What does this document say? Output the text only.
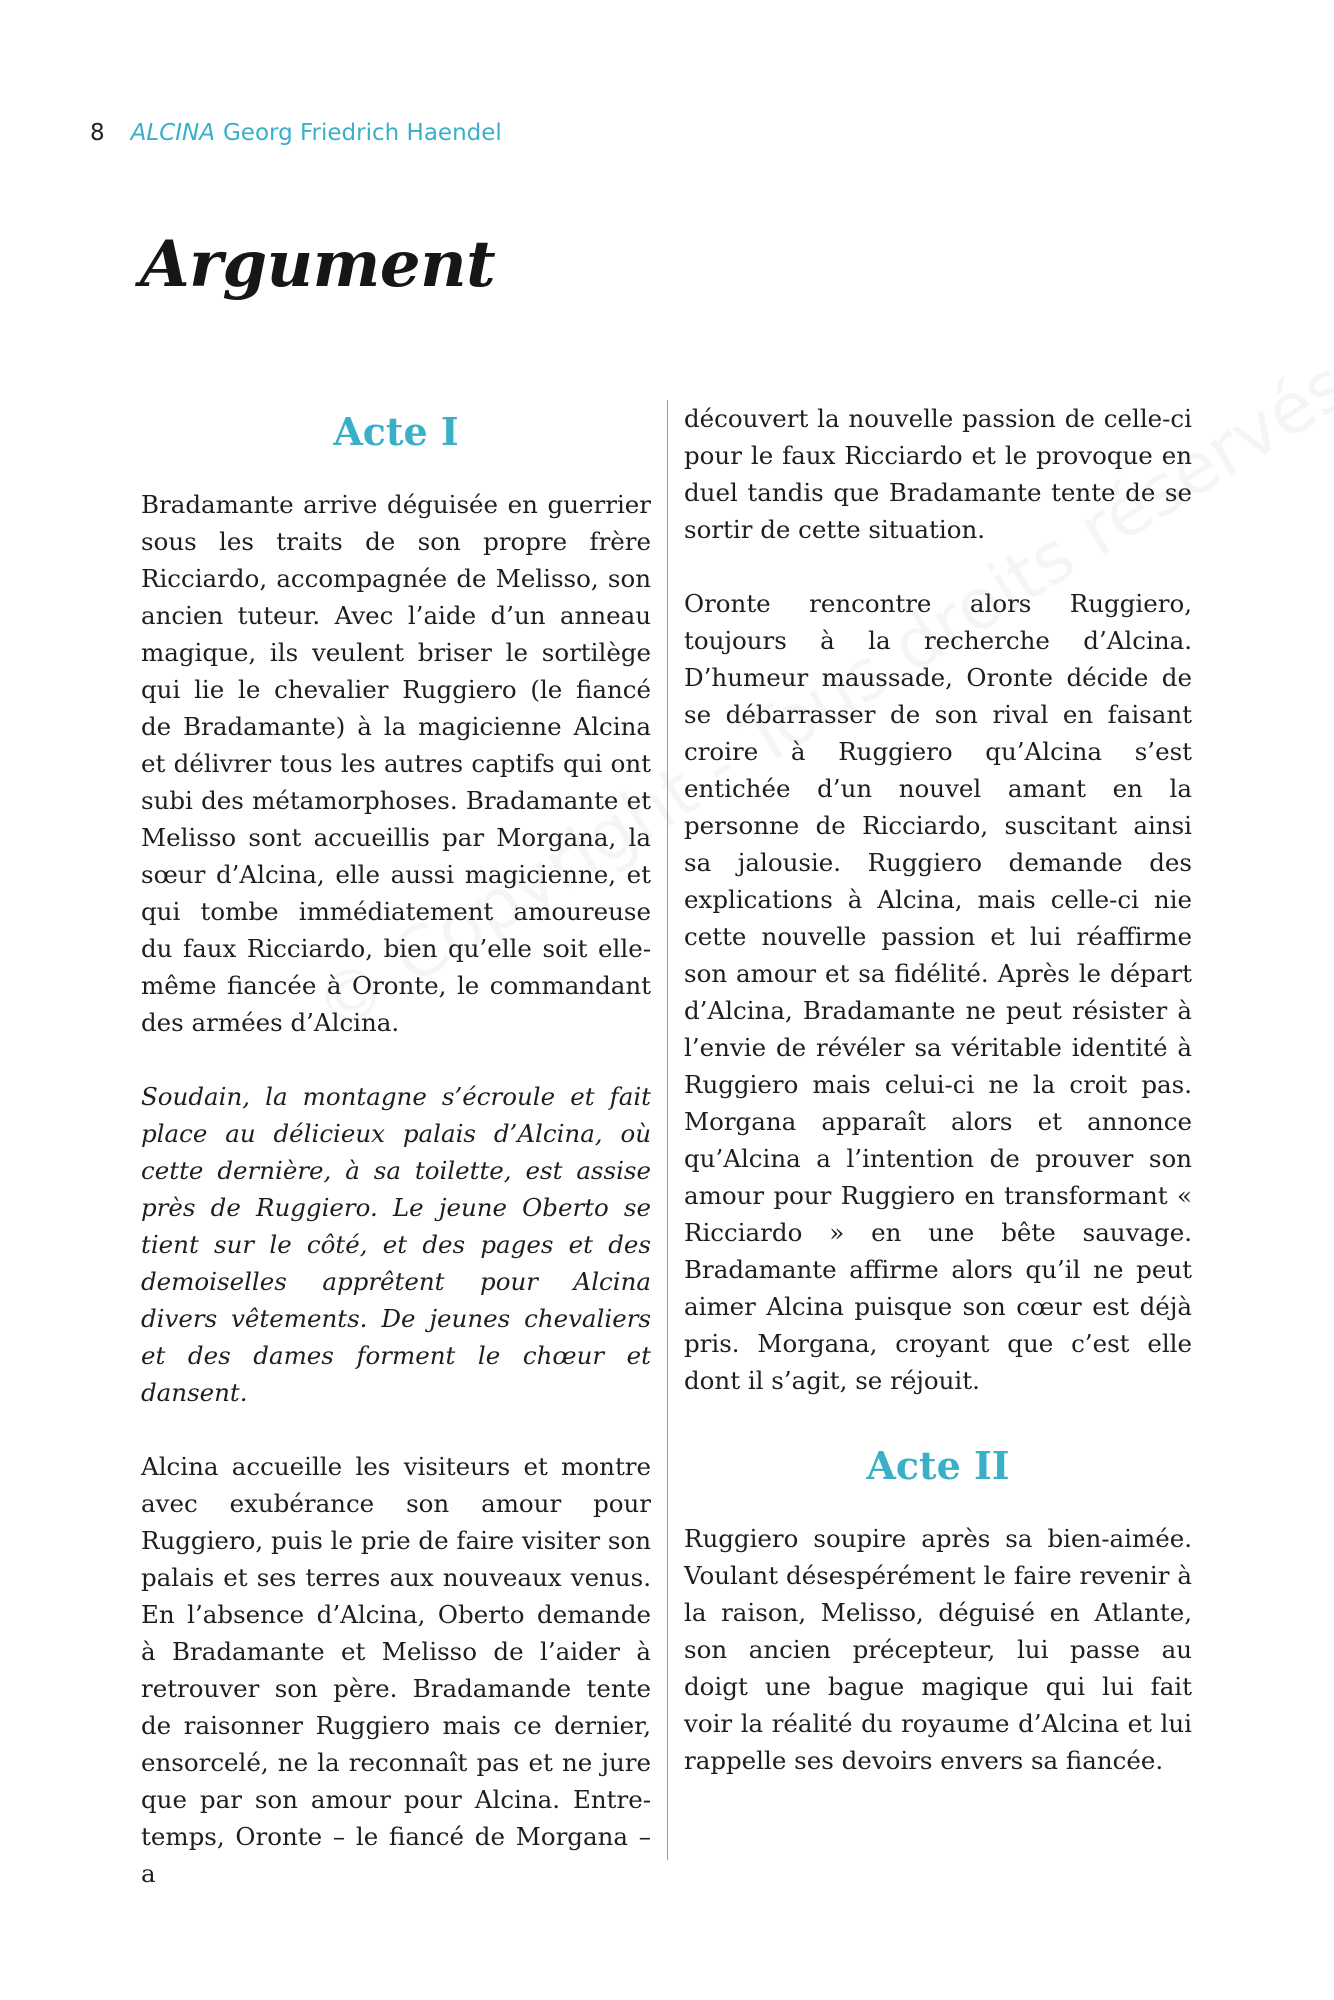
8 ALCINA Georg Friedrich Haendel
Argument
Acte I

Bradamante arrive déguisée en guerrier sous les traits de son propre frère Ricciardo, accompagnée de Melisso, son ancien tuteur. Avec l’aide d’un anneau magique, ils veulent briser le sortilège qui lie le chevalier Ruggiero (le fiancé de Bradamante) à la magicienne Alcina et délivrer tous les autres captifs qui ont subi des métamorphoses. Bradamante et Melisso sont accueillis par Morgana, la sœur d’Alcina, elle aussi magicienne, et qui tombe immédiatement amoureuse du faux Ricciardo, bien qu’elle soit elle-même fiancée à Oronte, le commandant des armées d’Alcina.

Soudain, la montagne s’écroule et fait place au délicieux palais d’Alcina, où cette dernière, à sa toilette, est assise près de Ruggiero. Le jeune Oberto se tient sur le côté, et des pages et des demoiselles apprêtent pour Alcina divers vêtements. De jeunes chevaliers et des dames forment le chœur et dansent.

Alcina accueille les visiteurs et montre avec exubérance son amour pour Ruggiero, puis le prie de faire visiter son palais et ses terres aux nouveaux venus. En l’absence d’Alcina, Oberto demande à Bradamante et Melisso de l’aider à retrouver son père. Bradamande tente de raisonner Ruggiero mais ce dernier, ensorcelé, ne la reconnaît pas et ne jure que par son amour pour Alcina. Entre-temps, Oronte – le fiancé de Morgana – a

découvert la nouvelle passion de celle-ci pour le faux Ricciardo et le provoque en duel tandis que Bradamante tente de se sortir de cette situation.

Oronte rencontre alors Ruggiero, toujours à la recherche d’Alcina. D’humeur maussade, Oronte décide de se débarrasser de son rival en faisant croire à Ruggiero qu’Alcina s’est entichée d’un nouvel amant en la personne de Ricciardo, suscitant ainsi sa jalousie. Ruggiero demande des explications à Alcina, mais celle-ci nie cette nouvelle passion et lui réaffirme son amour et sa fidélité. Après le départ d’Alcina, Bradamante ne peut résister à l’envie de révéler sa véritable identité à Ruggiero mais celui-ci ne la croit pas. Morgana apparaît alors et annonce qu’Alcina a l’intention de prouver son amour pour Ruggiero en transformant « Ricciardo » en une bête sauvage. Bradamante affirme alors qu’il ne peut aimer Alcina puisque son cœur est déjà pris. Morgana, croyant que c’est elle dont il s’agit, se réjouit.

Acte II

Ruggiero soupire après sa bien-aimée. Voulant désespérément le faire revenir à la raison, Melisso, déguisé en Atlante, son ancien précepteur, lui passe au doigt une bague magique qui lui fait voir la réalité du royaume d’Alcina et lui rappelle ses devoirs envers sa fiancée.
